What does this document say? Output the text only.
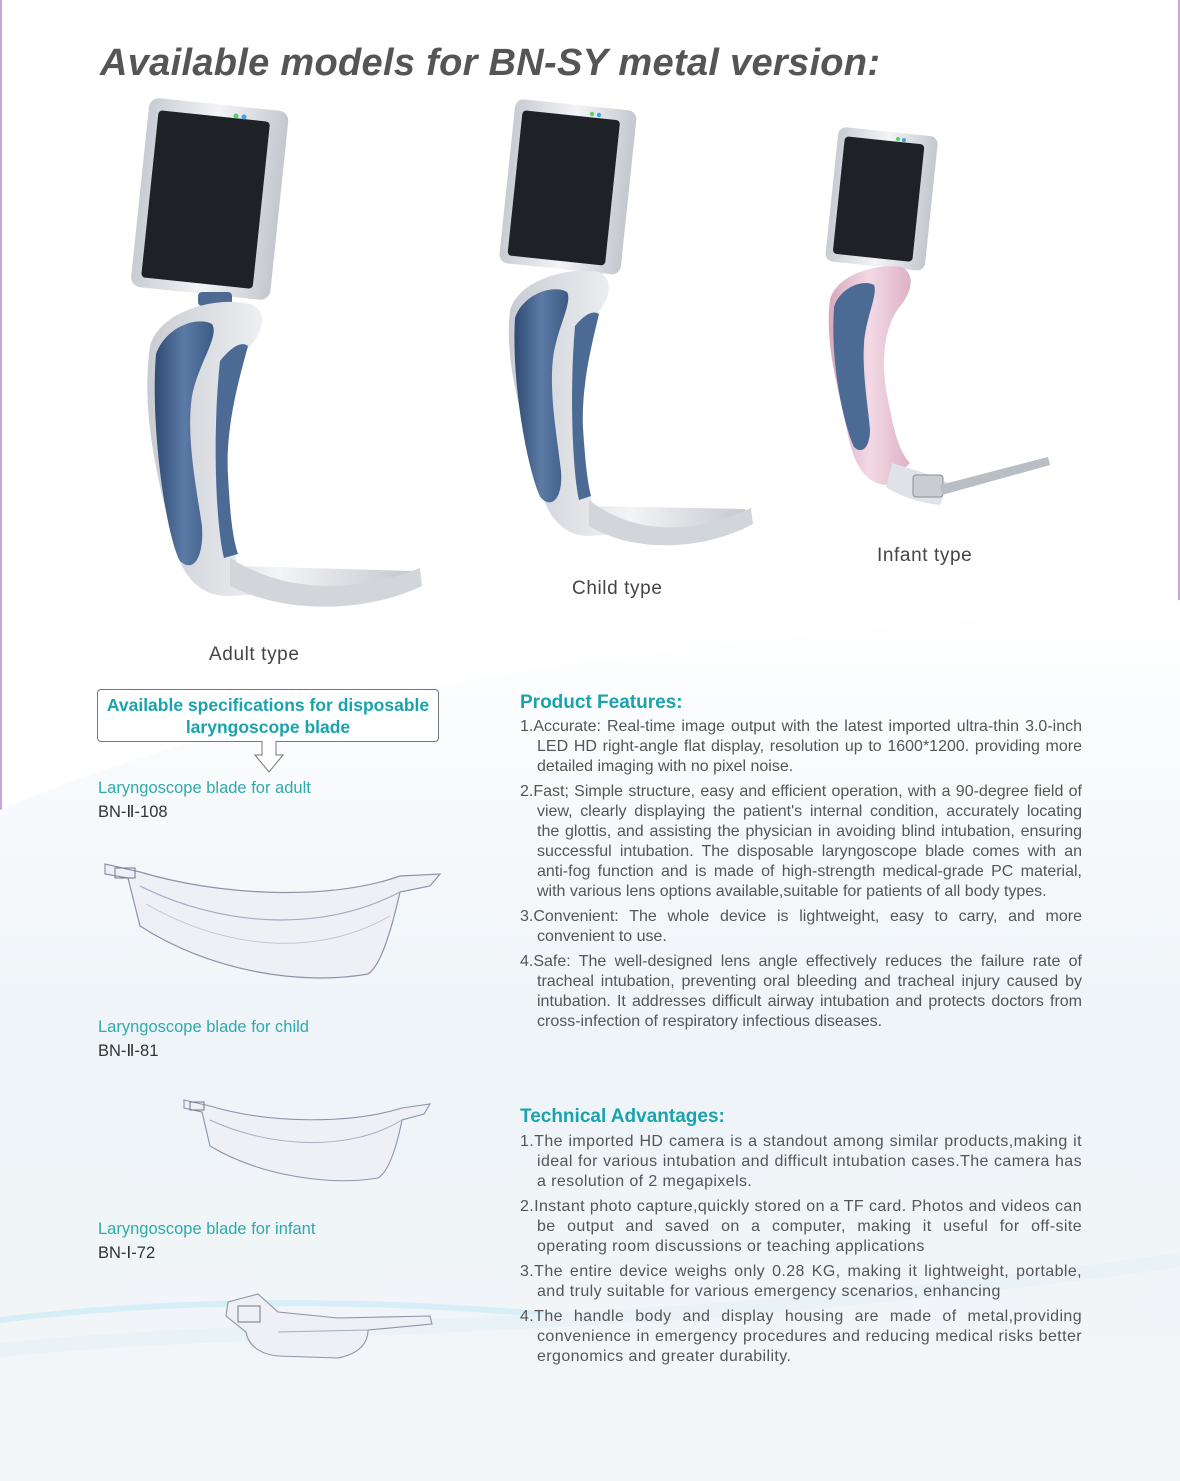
Available models for BN-SY metal version:
Adult type
Child type
Infant type
Available specifications for disposable
laryngoscope blade
Laryngoscope blade for adult
BN-Ⅱ-108
Laryngoscope blade for child
BN-Ⅱ-81
Laryngoscope blade for infant
BN-Ⅰ-72
Product Features:
1.Accurate: Real-time image output with the latest imported ultra-thin 3.0-inch LED HD right-angle flat display, resolution up to 1600*1200. providing more detailed imaging with no pixel noise.
2.Fast; Simple structure, easy and efficient operation, with a 90-degree field of view, clearly displaying the patient's internal condition, accurately locating the glottis, and assisting the physician in avoiding blind intubation, ensuring successful intubation. The disposable laryngoscope blade comes with an anti-fog function and is made of high-strength medical-grade PC material, with various lens options available,suitable for patients of all body types.
3.Convenient: The whole device is lightweight, easy to carry, and more convenient to use.
4.Safe: The well-designed lens angle effectively reduces the failure rate of tracheal intubation, preventing oral bleeding and tracheal injury caused by intubation. It addresses difficult airway intubation and protects doctors from cross-infection of respiratory infectious diseases.
Technical Advantages:
1.The imported HD camera is a standout among similar products,making it ideal for various intubation and difficult intubation cases.The camera has a resolution of 2 megapixels.
2.Instant photo capture,quickly stored on a TF card. Photos and videos can be output and saved on a computer, making it useful for off-site operating room discussions or teaching applications
3.The entire device weighs only 0.28 KG, making it lightweight, portable, and truly suitable for various emergency scenarios, enhancing
4.The handle body and display housing are made of metal,providing convenience in emergency procedures and reducing medical risks better ergonomics and greater durability.
